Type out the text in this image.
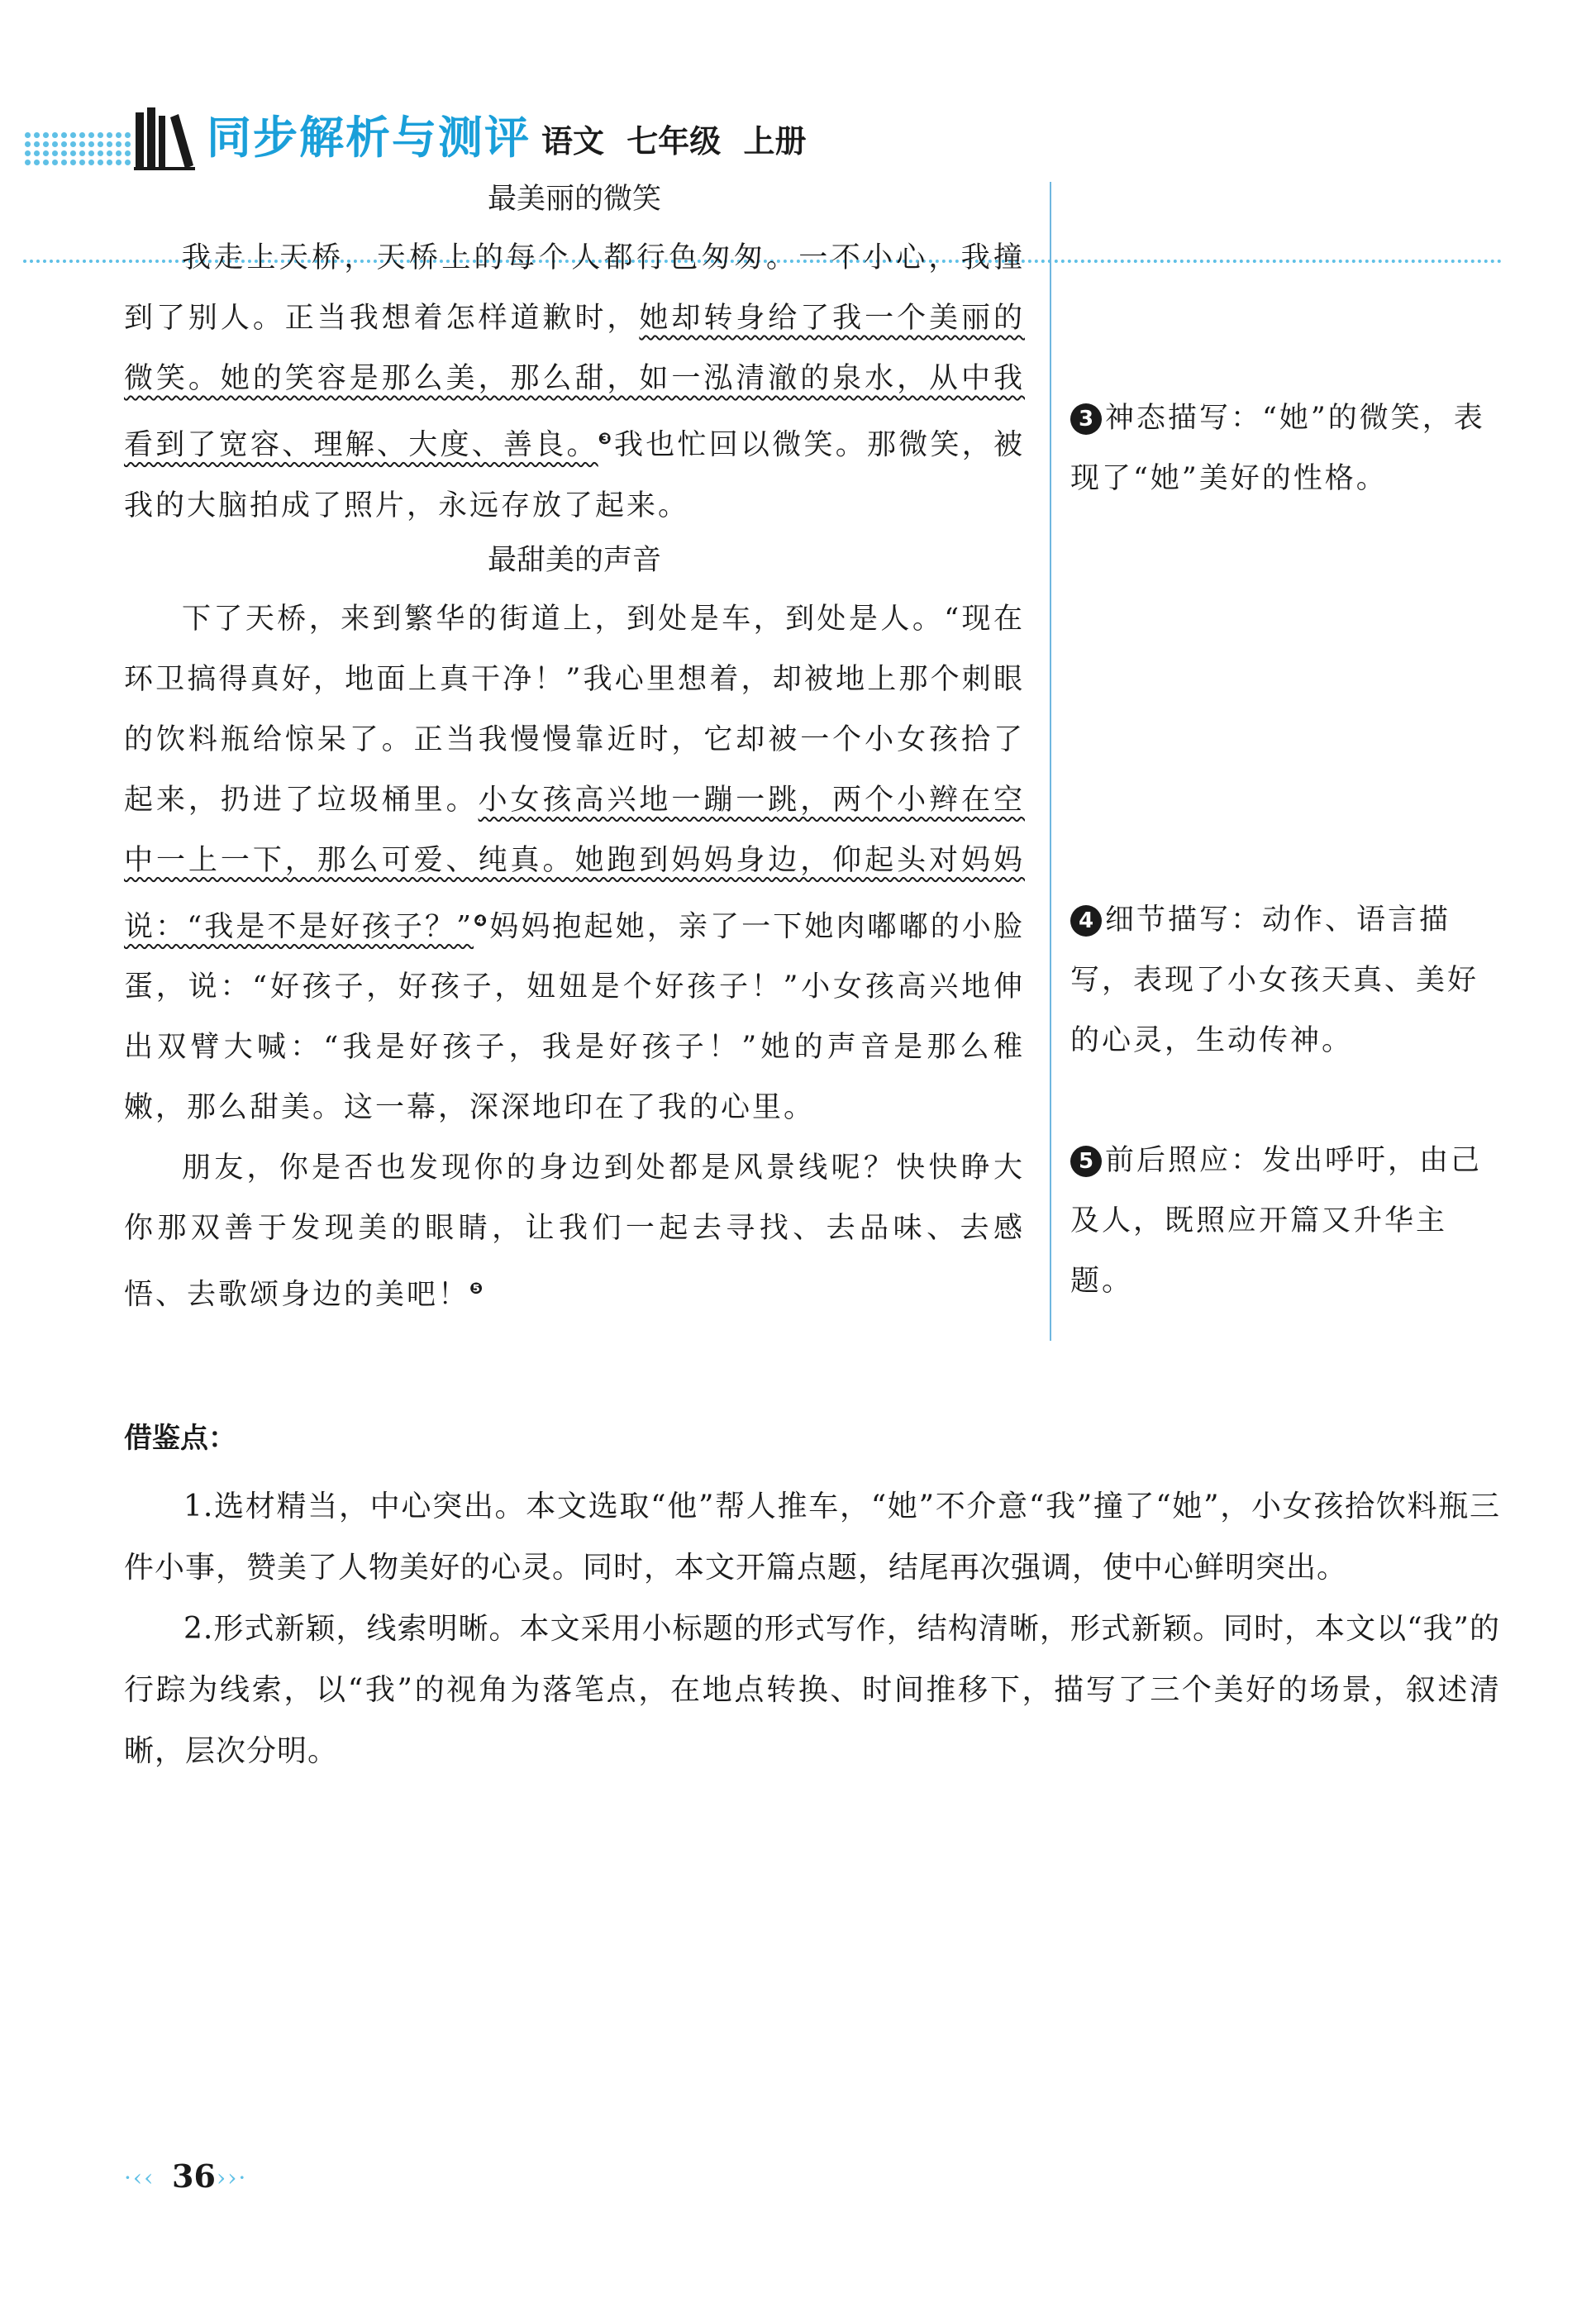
同步解析与测评 语文 七年级 上册

最美丽的微笑

我走上天桥，天桥上的每个人都行色匆匆。一不小心，我撞到了别人。正当我想着怎样道歉时，她却转身给了我一个美丽的微笑。她的笑容是那么美，那么甜，如一泓清澈的泉水，从中我看到了宽容、理解、大度、善良。$^❸$我也忙回以微笑。那微笑，被我的大脑拍成了照片，永远存放了起来。

最甜美的声音

下了天桥，来到繁华的街道上，到处是车，到处是人。“现在环卫搞得真好，地面上真干净！”我心里想着，却被地上那个刺眼的饮料瓶给惊呆了。正当我慢慢靠近时，它却被一个小女孩拾了起来，扔进了垃圾桶里。小女孩高兴地一蹦一跳，两个小辫在空中一上一下，那么可爱、纯真。她跑到妈妈身边，仰起头对妈妈说：“我是不是好孩子？”$^❹$妈妈抱起她，亲了一下她肉嘟嘟的小脸蛋，说：“好孩子，好孩子，妞妞是个好孩子！”小女孩高兴地伸出双臂大喊：“我是好孩子，我是好孩子！”她的声音是那么稚嫩，那么甜美。这一幕，深深地印在了我的心里。

朋友，你是否也发现你的身边到处都是风景线呢？快快睁大你那双善于发现美的眼睛，让我们一起去寻找、去品味、去感悟、去歌颂身边的美吧！$^❺$

3 神态描写：“她”的微笑，表现了“她”美好的性格。

4 细节描写：动作、语言描写，表现了小女孩天真、美好的心灵，生动传神。

5 前后照应：发出呼吁，由己及人，既照应开篇又升华主题。

借鉴点：

1.选材精当，中心突出。本文选取“他”帮人推车，“她”不介意“我”撞了“她”，小女孩拾饮料瓶三件小事，赞美了人物美好的心灵。同时，本文开篇点题，结尾再次强调，使中心鲜明突出。

2.形式新颖，线索明晰。本文采用小标题的形式写作，结构清晰，形式新颖。同时，本文以“我”的行踪为线索，以“我”的视角为落笔点，在地点转换、时间推移下，描写了三个美好的场景，叙述清晰，层次分明。

·‹‹ 36 ››·
